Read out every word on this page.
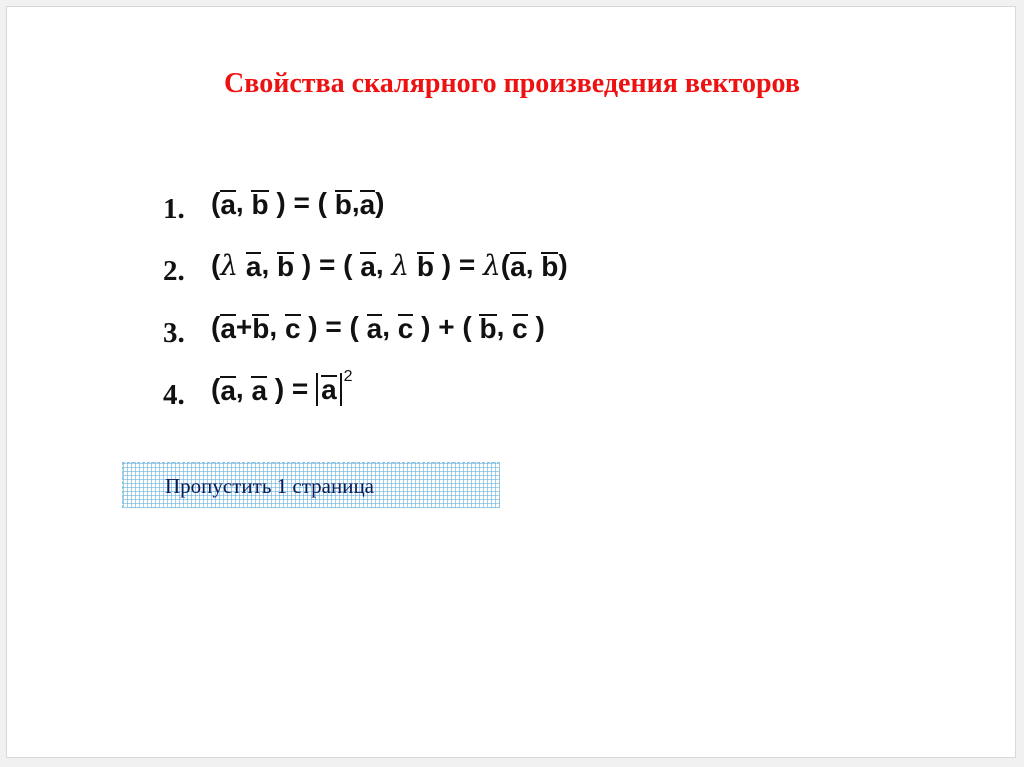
Свойства скалярного произведения векторов
1. ( a ,
b
) = (
b , a )
2. ( λ
a ,
b
) = (
a ,
λ
b
) =
λ ( a ,
b )
3. ( a + b ,
c
) = (
a ,
c
) + (
b ,
c
)
4. ( a ,
a
) =
a 2
Пропустить 1 страница
